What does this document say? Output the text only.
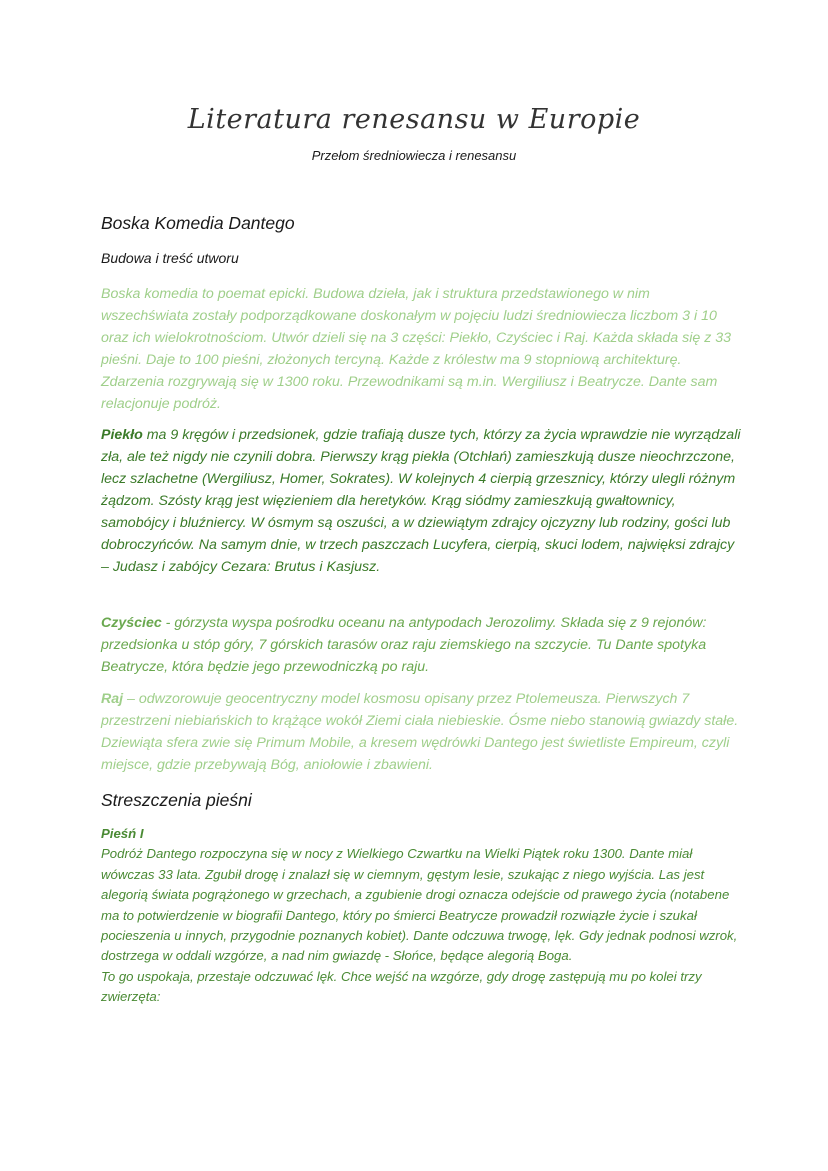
Literatura renesansu w Europie
Przełom średniowiecza i renesansu
Boska Komedia Dantego
Budowa i treść utworu
Boska komedia to poemat epicki. Budowa dzieła, jak i struktura przedstawionego w nim wszechświata zostały podporządkowane doskonałym w pojęciu ludzi średniowiecza liczbom 3 i 10 oraz ich wielokrotnościom. Utwór dzieli się na 3 części: Piekło, Czyściec i Raj. Każda składa się z 33 pieśni. Daje to 100 pieśni, złożonych tercyną. Każde z królestw ma 9 stopniową architekturę. Zdarzenia rozgrywają się w 1300 roku. Przewodnikami są m.in. Wergiliusz i Beatrycze. Dante sam relacjonuje podróż.
Piekło ma 9 kręgów i przedsionek, gdzie trafiają dusze tych, którzy za życia wprawdzie nie wyrządzali zła, ale też nigdy nie czynili dobra. Pierwszy krąg piekła (Otchłań) zamieszkują dusze nieochrzczone, lecz szlachetne (Wergiliusz, Homer, Sokrates). W kolejnych 4 cierpią grzesznicy, którzy ulegli różnym żądzom. Szósty krąg jest więzieniem dla heretyków. Krąg siódmy zamieszkują gwałtownicy, samobójcy i bluźniercy. W ósmym są oszuści, a w dziewiątym zdrajcy ojczyzny lub rodziny, gości lub dobroczyńców. Na samym dnie, w trzech paszczach Lucyfera, cierpią, skuci lodem, najwięksi zdrajcy – Judasz i zabójcy Cezara: Brutus i Kasjusz.
Czyściec - górzysta wyspa pośrodku oceanu na antypodach Jerozolimy. Składa się z 9 rejonów: przedsionka u stóp góry, 7 górskich tarasów oraz raju ziemskiego na szczycie. Tu Dante spotyka Beatrycze, która będzie jego przewodniczką po raju.
Raj – odwzorowuje geocentryczny model kosmosu opisany przez Ptolemeusza. Pierwszych 7 przestrzeni niebiańskich to krążące wokół Ziemi ciała niebieskie. Ósme niebo stanowią gwiazdy stałe. Dziewiąta sfera zwie się Primum Mobile, a kresem wędrówki Dantego jest świetliste Empireum, czyli miejsce, gdzie przebywają Bóg, aniołowie i zbawieni.
Streszczenia pieśni
Pieśń I
Podróż Dantego rozpoczyna się w nocy z Wielkiego Czwartku na Wielki Piątek roku 1300. Dante miał wówczas 33 lata. Zgubił drogę i znalazł się w ciemnym, gęstym lesie, szukając z niego wyjścia. Las jest alegorią świata pogrążonego w grzechach, a zgubienie drogi oznacza odejście od prawego życia (notabene ma to potwierdzenie w biografii Dantego, który po śmierci Beatrycze prowadził rozwiązłe życie i szukał pocieszenia u innych, przygodnie poznanych kobiet). Dante odczuwa trwogę, lęk. Gdy jednak podnosi wzrok, dostrzega w oddali wzgórze, a nad nim gwiazdę - Słońce, będące alegorią Boga.
To go uspokaja, przestaje odczuwać lęk. Chce wejść na wzgórze, gdy drogę zastępują mu po kolei trzy zwierzęta:
